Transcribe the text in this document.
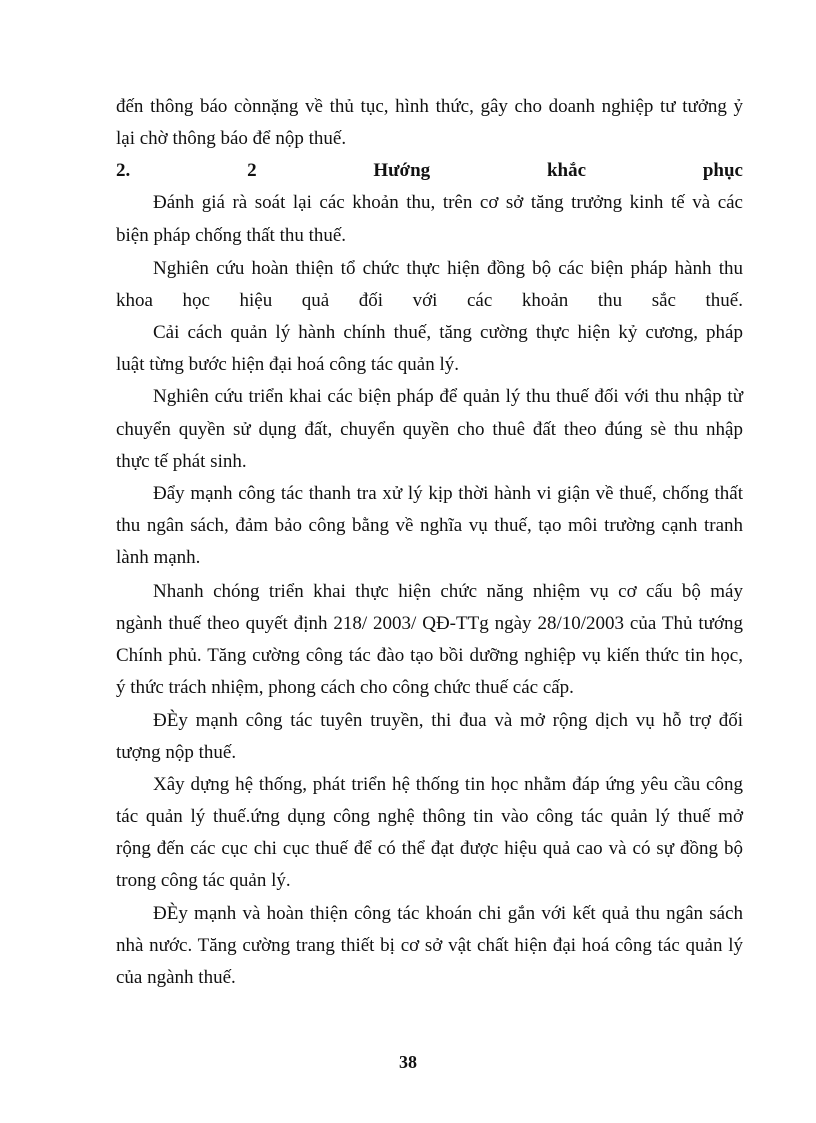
đến thông báo cònnặng về thủ tục, hình thức, gây cho doanh nghiệp tư tưởng ỷ
lại chờ thông báo để nộp thuế.
2.	2	Hướng	khắc	phục
Đánh giá rà soát lại các khoản thu, trên cơ sở tăng trưởng kinh tế và các
biện pháp chống thất thu thuế.
Nghiên cứu hoàn thiện tổ chức thực hiện đồng bộ các biện pháp hành thu
khoa học hiệu quả đối với các khoản thu sắc thuế.
Cải cách quản lý hành chính thuế, tăng cường thực hiện kỷ cương, pháp
luật từng bước hiện đại hoá công tác quản lý.
Nghiên cứu triển khai các biện pháp để quản lý thu thuế đối với thu nhập từ
chuyển quyền sử dụng đất, chuyển quyền cho thuê đất theo đúng sè thu nhập
thực tế phát sinh.
Đẩy mạnh công tác thanh tra xử lý kịp thời hành vi giận về thuế, chống thất
thu ngân sách, đảm bảo công bằng về nghĩa vụ thuế, tạo môi trường cạnh tranh
lành mạnh.
Nhanh chóng triển khai thực hiện chức năng nhiệm vụ cơ cấu bộ máy
ngành thuế theo quyết định 218/ 2003/ QĐ-TTg ngày 28/10/2003 của Thủ tướng
Chính phủ. Tăng cường công tác đào tạo bồi dưỡng nghiệp vụ kiến thức tin học,
ý thức trách nhiệm, phong cách cho công chức thuế các cấp.
ĐÈy mạnh công tác tuyên truyền, thi đua và mở rộng dịch vụ hỗ trợ đối
tượng nộp thuế.
Xây dựng hệ thống, phát triển hệ thống tin học nhằm đáp ứng yêu cầu công
tác quản lý thuế.ứng dụng công nghệ thông tin vào công tác quản lý thuế mở
rộng đến các cục chi cục thuế để có thể đạt được hiệu quả cao và có sự đồng bộ
trong công tác quản lý.
ĐÈy mạnh và hoàn thiện công tác khoán chi gắn với kết quả thu ngân sách
nhà nước. Tăng cường trang thiết bị cơ sở vật chất hiện đại hoá công tác quản lý
của ngành thuế.
38
